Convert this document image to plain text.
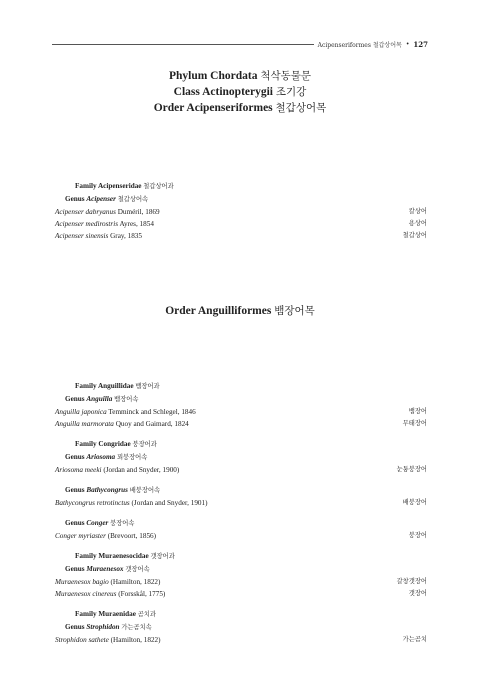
Acipenseriformes 철갑상어목 • 127
Phylum Chordata 척삭동물문
Class Actinopterygii 조기강
Order Acipenseriformes 철갑상어목
Family Acipenseridae 철갑상어과
Genus Acipenser 철갑상어속
Acipenser dabryanus Duméril, 1869	칼상어
Acipenser medirostris Ayres, 1854	용상어
Acipenser sinensis Gray, 1835	철갑상어
Order Anguilliformes 뱀장어목
Family Anguillidae 뱀장어과
Genus Anguilla 뱀장어속
Anguilla japonica Temminck and Schlegel, 1846	뱀장어
Anguilla marmorata Quoy and Gaimard, 1824	무태장어
Family Congridae 붕장어과
Genus Ariosoma 꾀붕장어속
Ariosoma meeki (Jordan and Snyder, 1900)	눈퉁붕장어
Genus Bathycongrus 배붕장어속
Bathycongrus retrotinctus (Jordan and Snyder, 1901)	배붕장어
Genus Conger 붕장어속
Conger myriaster (Brevoort, 1856)	붕장어
Family Muraenesocidae 갯장어과
Genus Muraenesox 갯장어속
Muraenesox bagio (Hamilton, 1822)	갈창갯장어
Muraenesox cinereus (Forsskål, 1775)	갯장어
Family Muraenidae 곰치과
Genus Strophidon 가는곰치속
Strophidon sathete (Hamilton, 1822)	가는곰치
